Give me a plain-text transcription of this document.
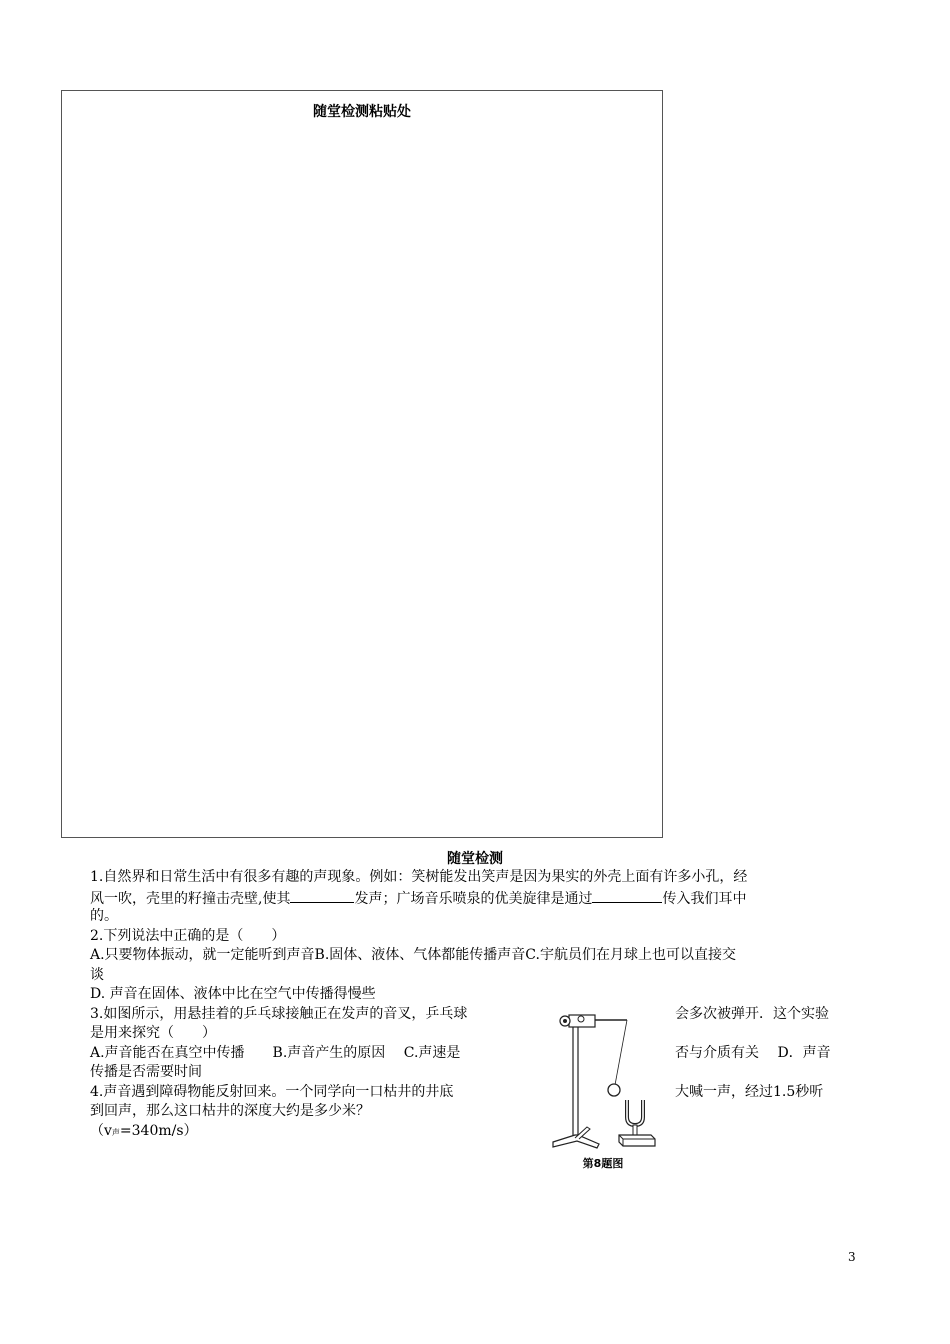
随堂检测粘贴处
随堂检测
1.自然界和日常生活中有很多有趣的声现象。例如：笑树能发出笑声是因为果实的外壳上面有许多小孔，经
风一吹，壳里的籽撞击壳壁,使其	发声；广场音乐喷泉的优美旋律是通过	传入我们耳中
的。
2.下列说法中正确的是（　　）
A.只要物体振动，就一定能听到声音B.固体、液体、气体都能传播声音C.宇航员们在月球上也可以直接交
谈
D. 声音在固体、液体中比在空气中传播得慢些
3.如图所示，用悬挂着的乒乓球接触正在发声的音叉，乒乓球	会多次被弹开．这个实验
是用来探究（　　）
A.声音能否在真空中传播　　B.声音产生的原因　 C.声速是	否与介质有关　 D．声音
传播是否需要时间
4.声音遇到障碍物能反射回来。一个同学向一口枯井的井底	大喊一声，经过1.5秒听
到回声，那么这口枯井的深度大约是多少米？
（v声=340m/s）
第8题图
3
